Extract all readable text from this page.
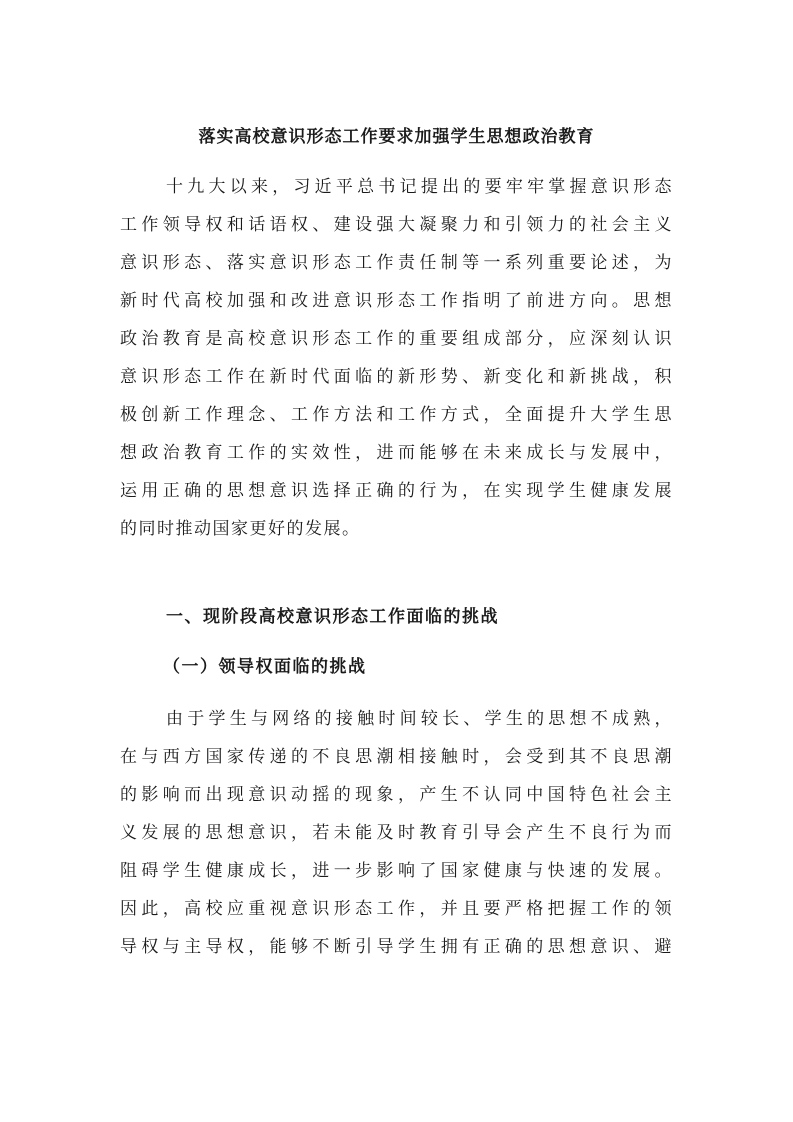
落实高校意识形态工作要求加强学生思想政治教育

十九大以来，习近平总书记提出的要牢牢掌握意识形态
工作领导权和话语权、建设强大凝聚力和引领力的社会主义
意识形态、落实意识形态工作责任制等一系列重要论述，为
新时代高校加强和改进意识形态工作指明了前进方向。思想
政治教育是高校意识形态工作的重要组成部分，应深刻认识
意识形态工作在新时代面临的新形势、新变化和新挑战，积
极创新工作理念、工作方法和工作方式，全面提升大学生思
想政治教育工作的实效性，进而能够在未来成长与发展中，
运用正确的思想意识选择正确的行为，在实现学生健康发展
的同时推动国家更好的发展。

一、现阶段高校意识形态工作面临的挑战
（一）领导权面临的挑战

由于学生与网络的接触时间较长、学生的思想不成熟，
在与西方国家传递的不良思潮相接触时，会受到其不良思潮
的影响而出现意识动摇的现象，产生不认同中国特色社会主
义发展的思想意识，若未能及时教育引导会产生不良行为而
阻碍学生健康成长，进一步影响了国家健康与快速的发展。
因此，高校应重视意识形态工作，并且要严格把握工作的领
导权与主导权，能够不断引导学生拥有正确的思想意识、避
